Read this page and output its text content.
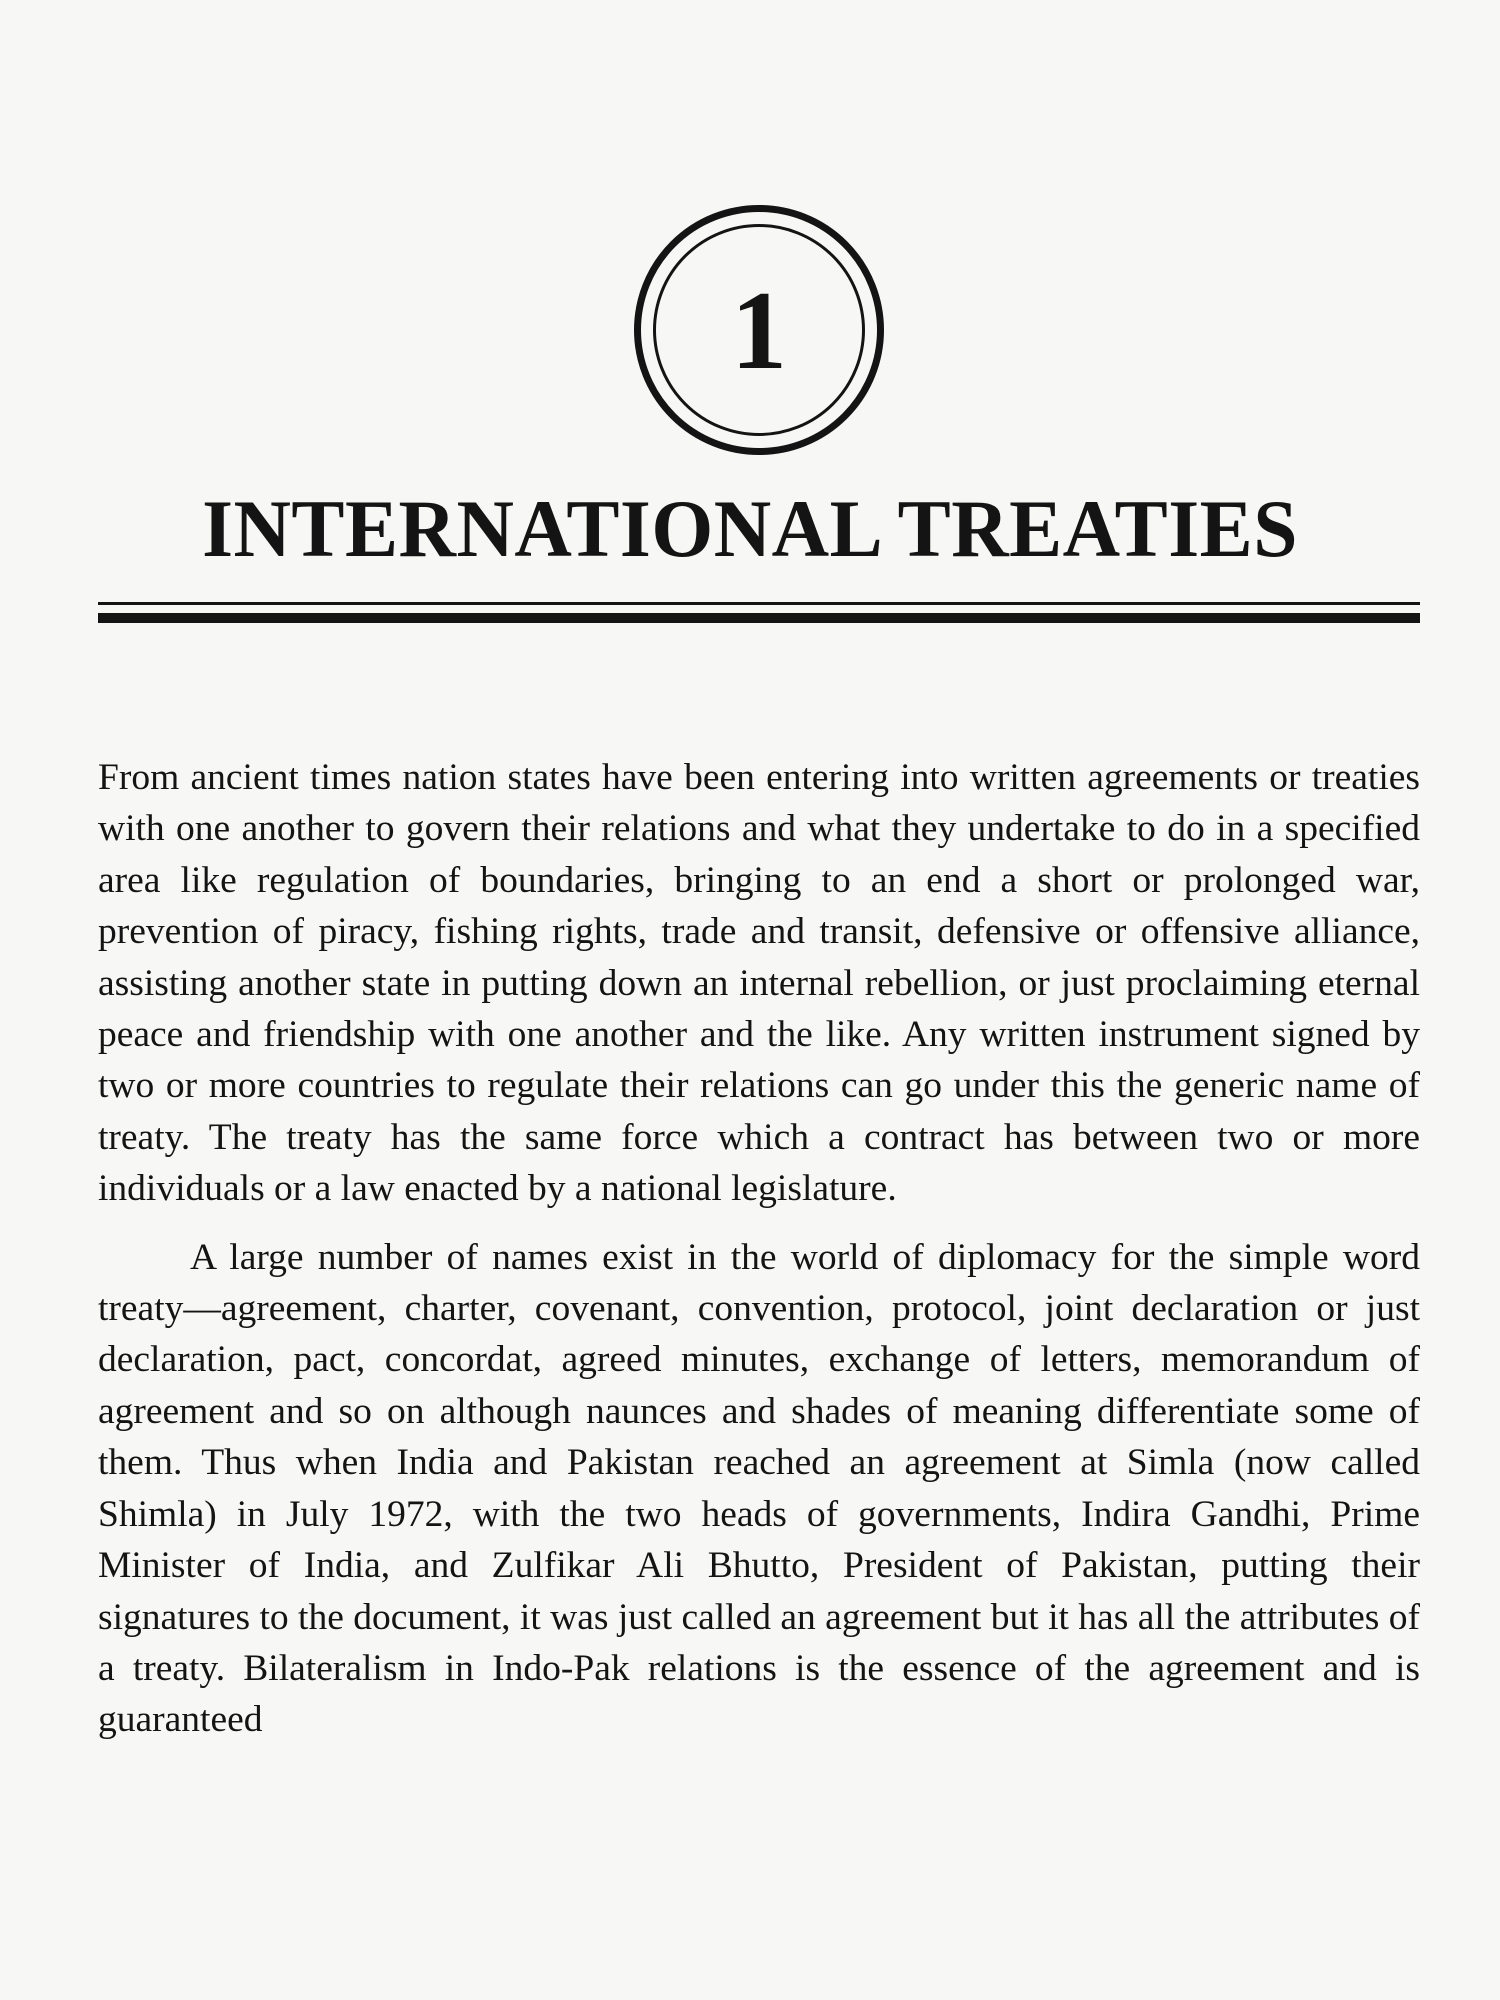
1
INTERNATIONAL TREATIES

From ancient times nation states have been entering into written agreements or treaties with one another to govern their relations and what they undertake to do in a specified area like regulation of boundaries, bringing to an end a short or prolonged war, prevention of piracy, fishing rights, trade and transit, defensive or offensive alliance, assisting another state in putting down an internal rebellion, or just proclaiming eternal peace and friendship with one another and the like. Any written instrument signed by two or more countries to regulate their relations can go under this the generic name of treaty. The treaty has the same force which a contract has between two or more individuals or a law enacted by a national legislature.

A large number of names exist in the world of diplomacy for the simple word treaty—agreement, charter, covenant, convention, protocol, joint declaration or just declaration, pact, concordat, agreed minutes, exchange of letters, memorandum of agreement and so on although naunces and shades of meaning differentiate some of them. Thus when India and Pakistan reached an agreement at Simla (now called Shimla) in July 1972, with the two heads of governments, Indira Gandhi, Prime Minister of India, and Zulfikar Ali Bhutto, President of Pakistan, putting their signatures to the document, it was just called an agreement but it has all the attributes of a treaty. Bilateralism in Indo-Pak relations is the essence of the agreement and is guaranteed
